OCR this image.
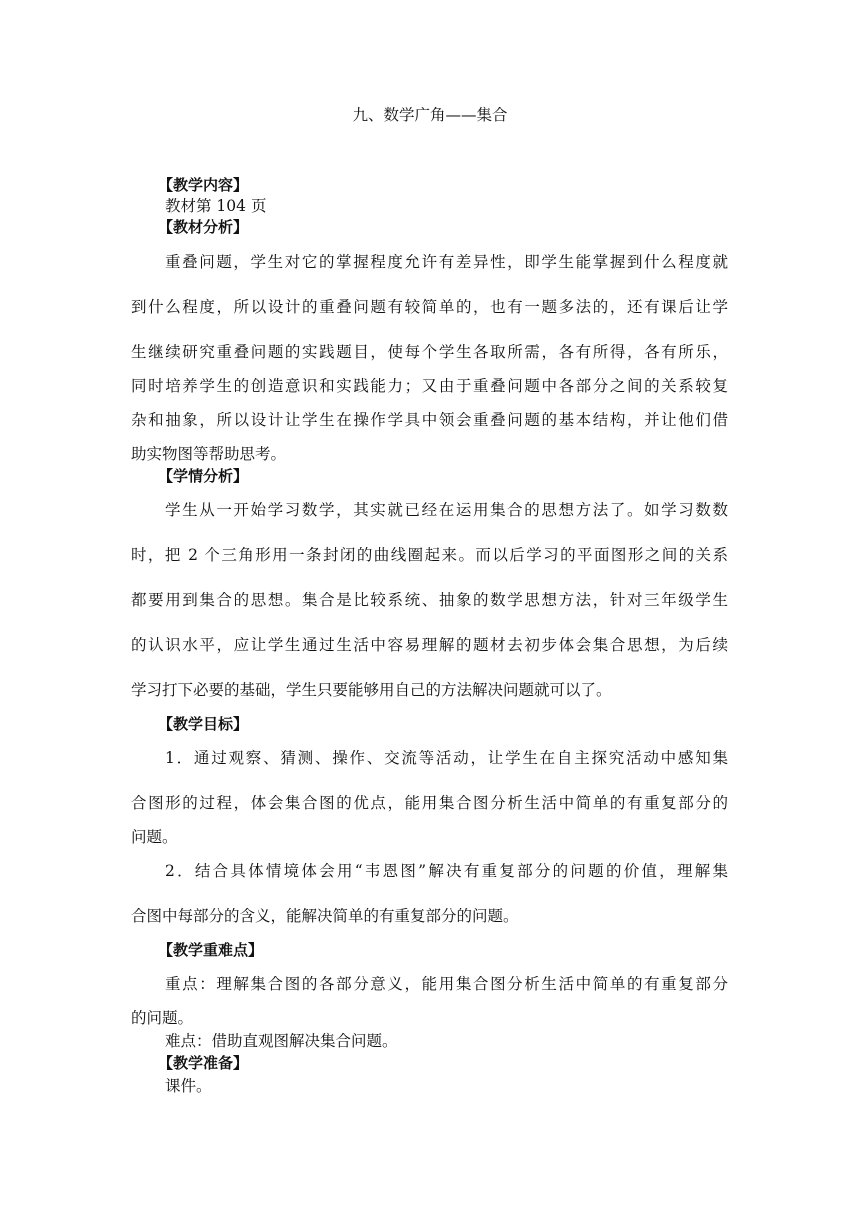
九、数学广角——集合
【教学内容】
教材第 104 页
【教材分析】
重叠问题，学生对它的掌握程度允许有差异性，即学生能掌握到什么程度就
到什么程度，所以设计的重叠问题有较简单的，也有一题多法的，还有课后让学
生继续研究重叠问题的实践题目，使每个学生各取所需，各有所得，各有所乐，
同时培养学生的创造意识和实践能力；又由于重叠问题中各部分之间的关系较复
杂和抽象，所以设计让学生在操作学具中领会重叠问题的基本结构，并让他们借
助实物图等帮助思考。
【学情分析】
学生从一开始学习数学，其实就已经在运用集合的思想方法了。如学习数数
时，把 2 个三角形用一条封闭的曲线圈起来。而以后学习的平面图形之间的关系
都要用到集合的思想。集合是比较系统、抽象的数学思想方法，针对三年级学生
的认识水平，应让学生通过生活中容易理解的题材去初步体会集合思想，为后续
学习打下必要的基础，学生只要能够用自己的方法解决问题就可以了。
【教学目标】
1．通过观察、猜测、操作、交流等活动，让学生在自主探究活动中感知集
合图形的过程，体会集合图的优点，能用集合图分析生活中简单的有重复部分的
问题。
2．结合具体情境体会用“韦恩图”解决有重复部分的问题的价值，理解集
合图中每部分的含义，能解决简单的有重复部分的问题。
【教学重难点】
重点：理解集合图的各部分意义，能用集合图分析生活中简单的有重复部分
的问题。
难点：借助直观图解决集合问题。
【教学准备】
课件。
